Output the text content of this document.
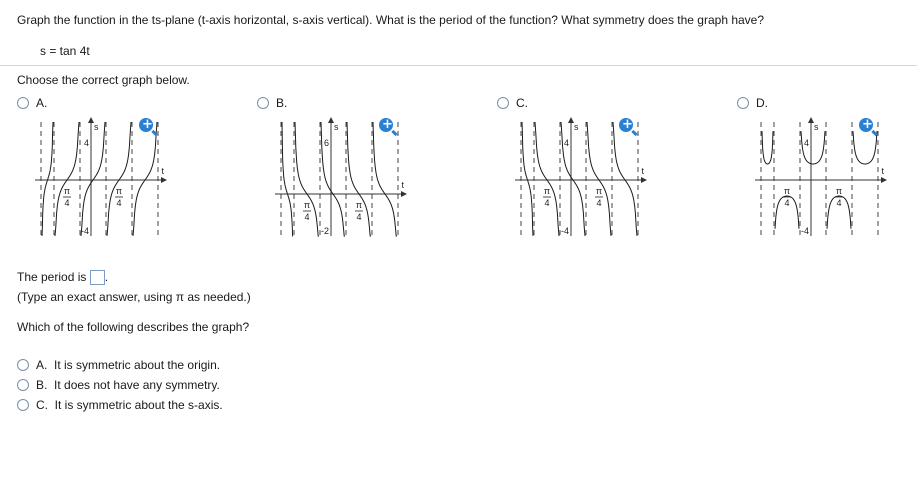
Graph the function in the ts-plane (t-axis horizontal, s-axis vertical). What is the period of the function? What symmetry does the graph have?
s = tan 4t
Choose the correct graph below.
A.
s
t
4
-4
π
4
π
4
+
B.
s
t
6
-2
π
4
π
4
+
C.
s
t
4
-4
π
4
π
4
+
D.
s
t
4
-4
π
4
π
4
+
The period is .
(Type an exact answer, using π as needed.)
Which of the following describes the graph?
A. It is symmetric about the origin.
B. It does not have any symmetry.
C. It is symmetric about the s-axis.
